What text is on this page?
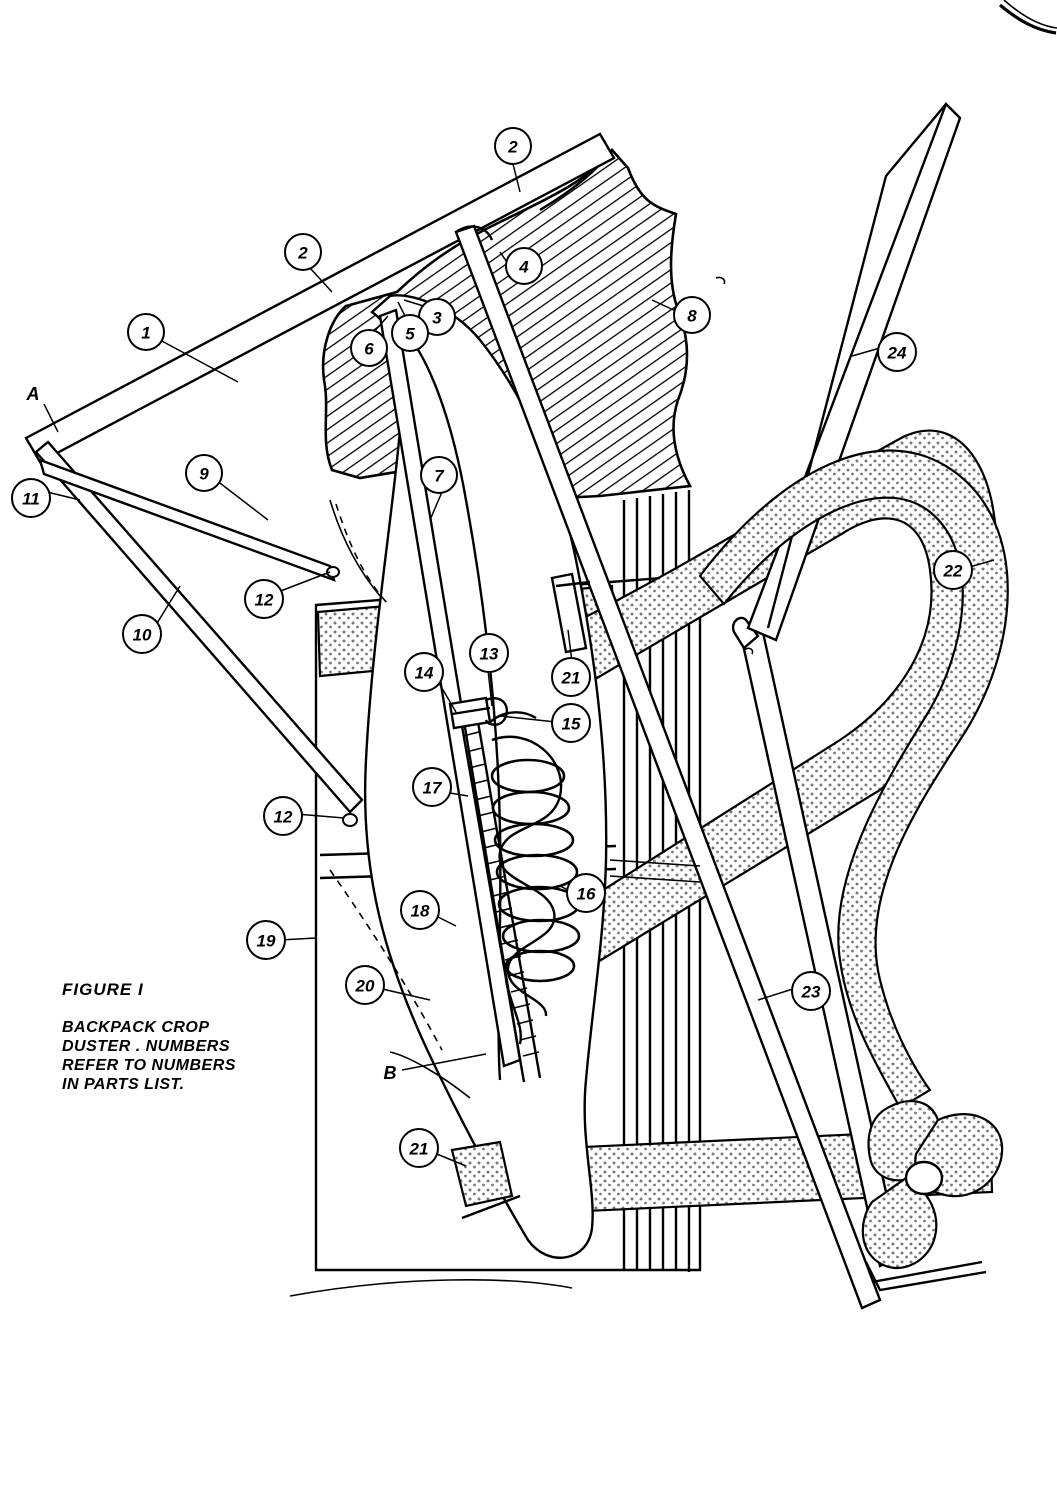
2
2
1
4
8
3
5
6	24
11
9	7
22
12
10
13
14	21
15
17
12
16
18
19
20	23
21
A
B
FIGURE I
BACKPACK CROP
DUSTER . NUMBERS
REFER TO NUMBERS
IN PARTS LIST.
